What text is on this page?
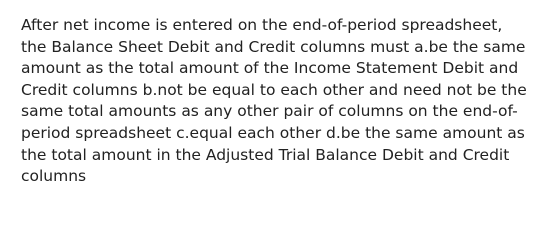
After net income is entered on the end-of-period spreadsheet,
the Balance Sheet Debit and Credit columns must a.be the same
amount as the total amount of the Income Statement Debit and
Credit columns b.not be equal to each other and need not be the
same total amounts as any other pair of columns on the end-of-
period spreadsheet c.equal each other d.be the same amount as
the total amount in the Adjusted Trial Balance Debit and Credit
columns
